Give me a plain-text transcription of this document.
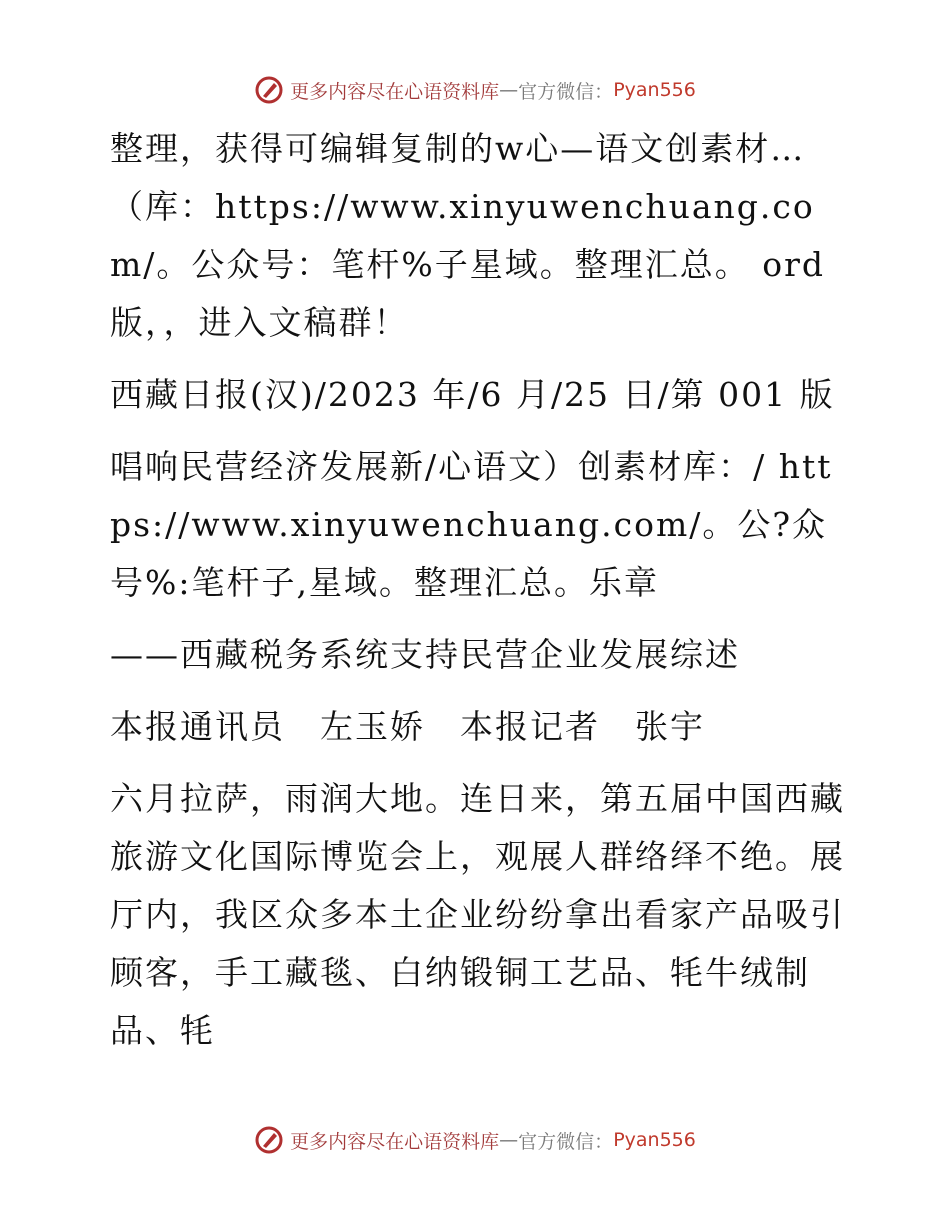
更多内容尽在心语资料库 — 官方微信： Pyan556

整理，获得可编辑复制的w心—语文创素材…（库：https://www.xinyuwenchuang.com/。公众号：笔杆%子星域。整理汇总。 ord版，，进入文稿群！

西藏日报(汉)/2023 年/6 月/25 日/第 001 版

唱响民营经济发展新/心语文）创素材库：/ https://www.xinyuwenchuang.com/。公?众号%:笔杆子,星域。整理汇总。乐章

——西藏税务系统支持民营企业发展综述

本报通讯员　左玉娇　本报记者　张宇

六月拉萨，雨润大地。连日来，第五届中国西藏旅游文化国际博览会上，观展人群络绎不绝。展厅内，我区众多本土企业纷纷拿出看家产品吸引顾客，手工藏毯、白纳锻铜工艺品、牦牛绒制品、牦

更多内容尽在心语资料库 — 官方微信： Pyan556
